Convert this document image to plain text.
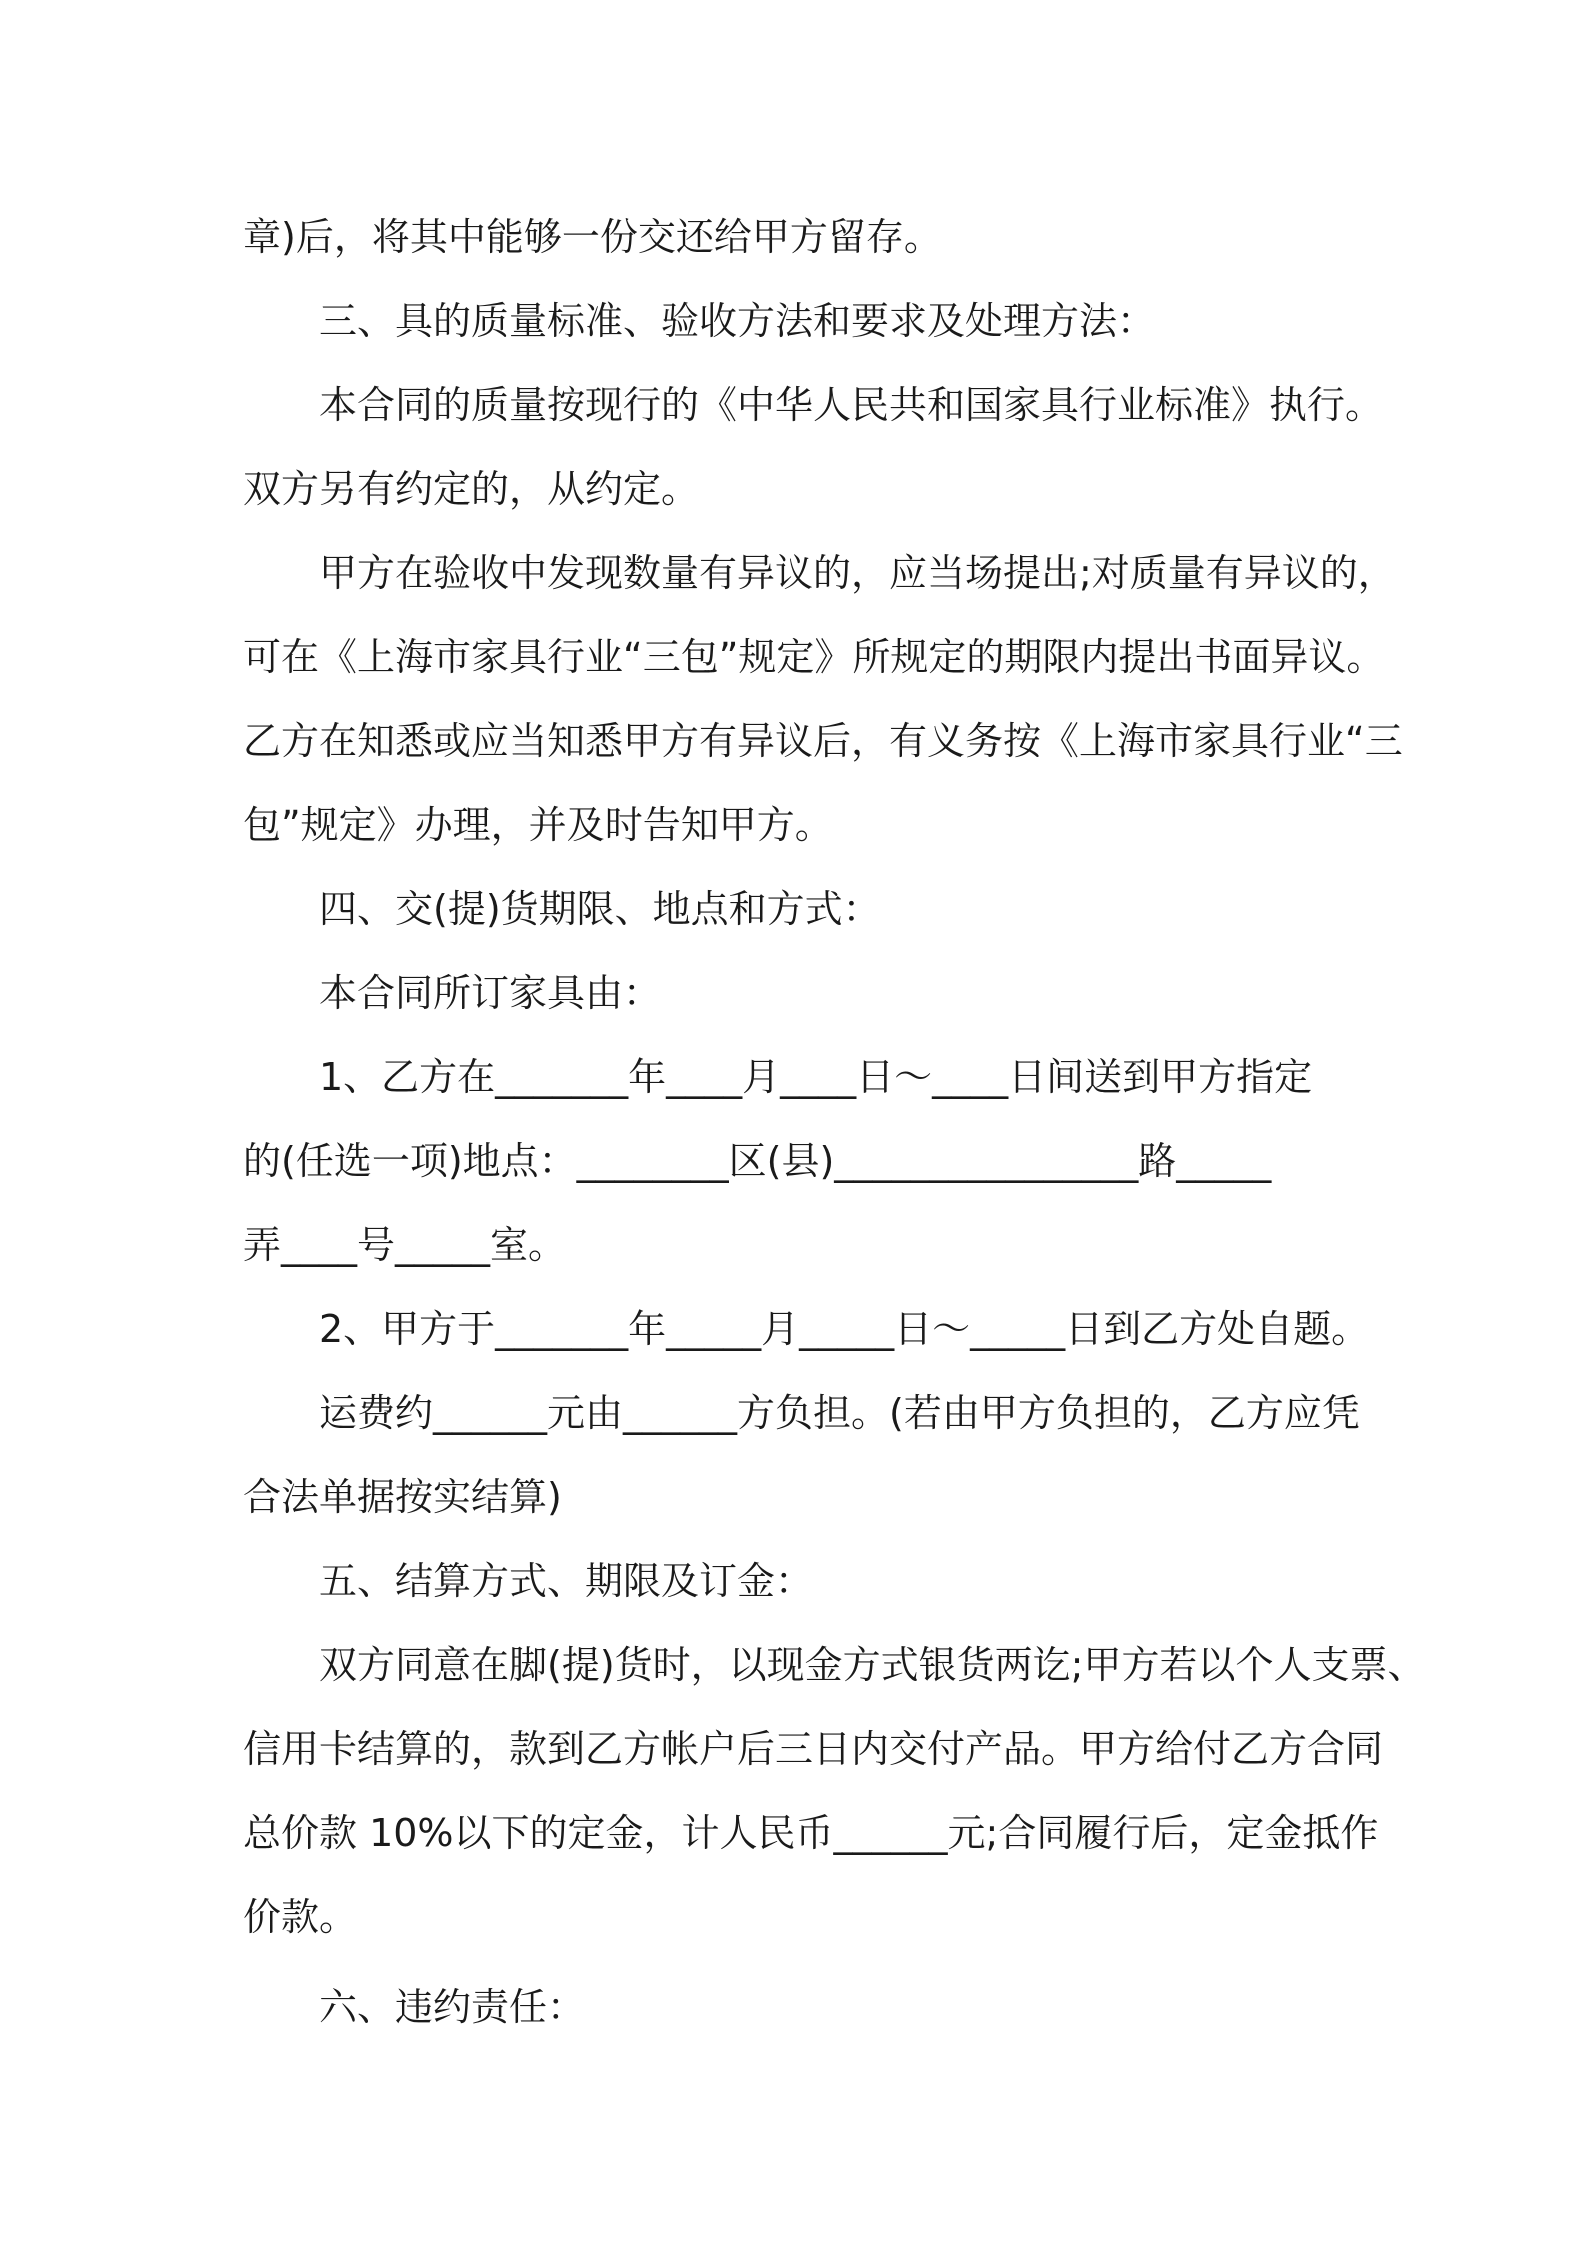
章)后，将其中能够一份交还给甲方留存。

三、具的质量标准、验收方法和要求及处理方法：

本合同的质量按现行的《中华人民共和国家具行业标准》执行。

双方另有约定的，从约定。

甲方在验收中发现数量有异议的，应当场提出;对质量有异议的，

可在《上海市家具行业“三包”规定》所规定的期限内提出书面异议。

乙方在知悉或应当知悉甲方有异议后，有义务按《上海市家具行业“三

包”规定》办理，并及时告知甲方。

四、交(提)货期限、地点和方式：

本合同所订家具由：

1、乙方在_______年____月____日～____日间送到甲方指定

的(任选一项)地点：________区(县)________________路_____

弄____号_____室。

2、甲方于_______年_____月_____日～_____日到乙方处自题。

运费约______元由______方负担。(若由甲方负担的，乙方应凭

合法单据按实结算)

五、结算方式、期限及订金：

双方同意在脚(提)货时，以现金方式银货两讫;甲方若以个人支票、

信用卡结算的，款到乙方帐户后三日内交付产品。甲方给付乙方合同

总价款 10%以下的定金，计人民币______元;合同履行后，定金抵作

价款。

六、违约责任：
